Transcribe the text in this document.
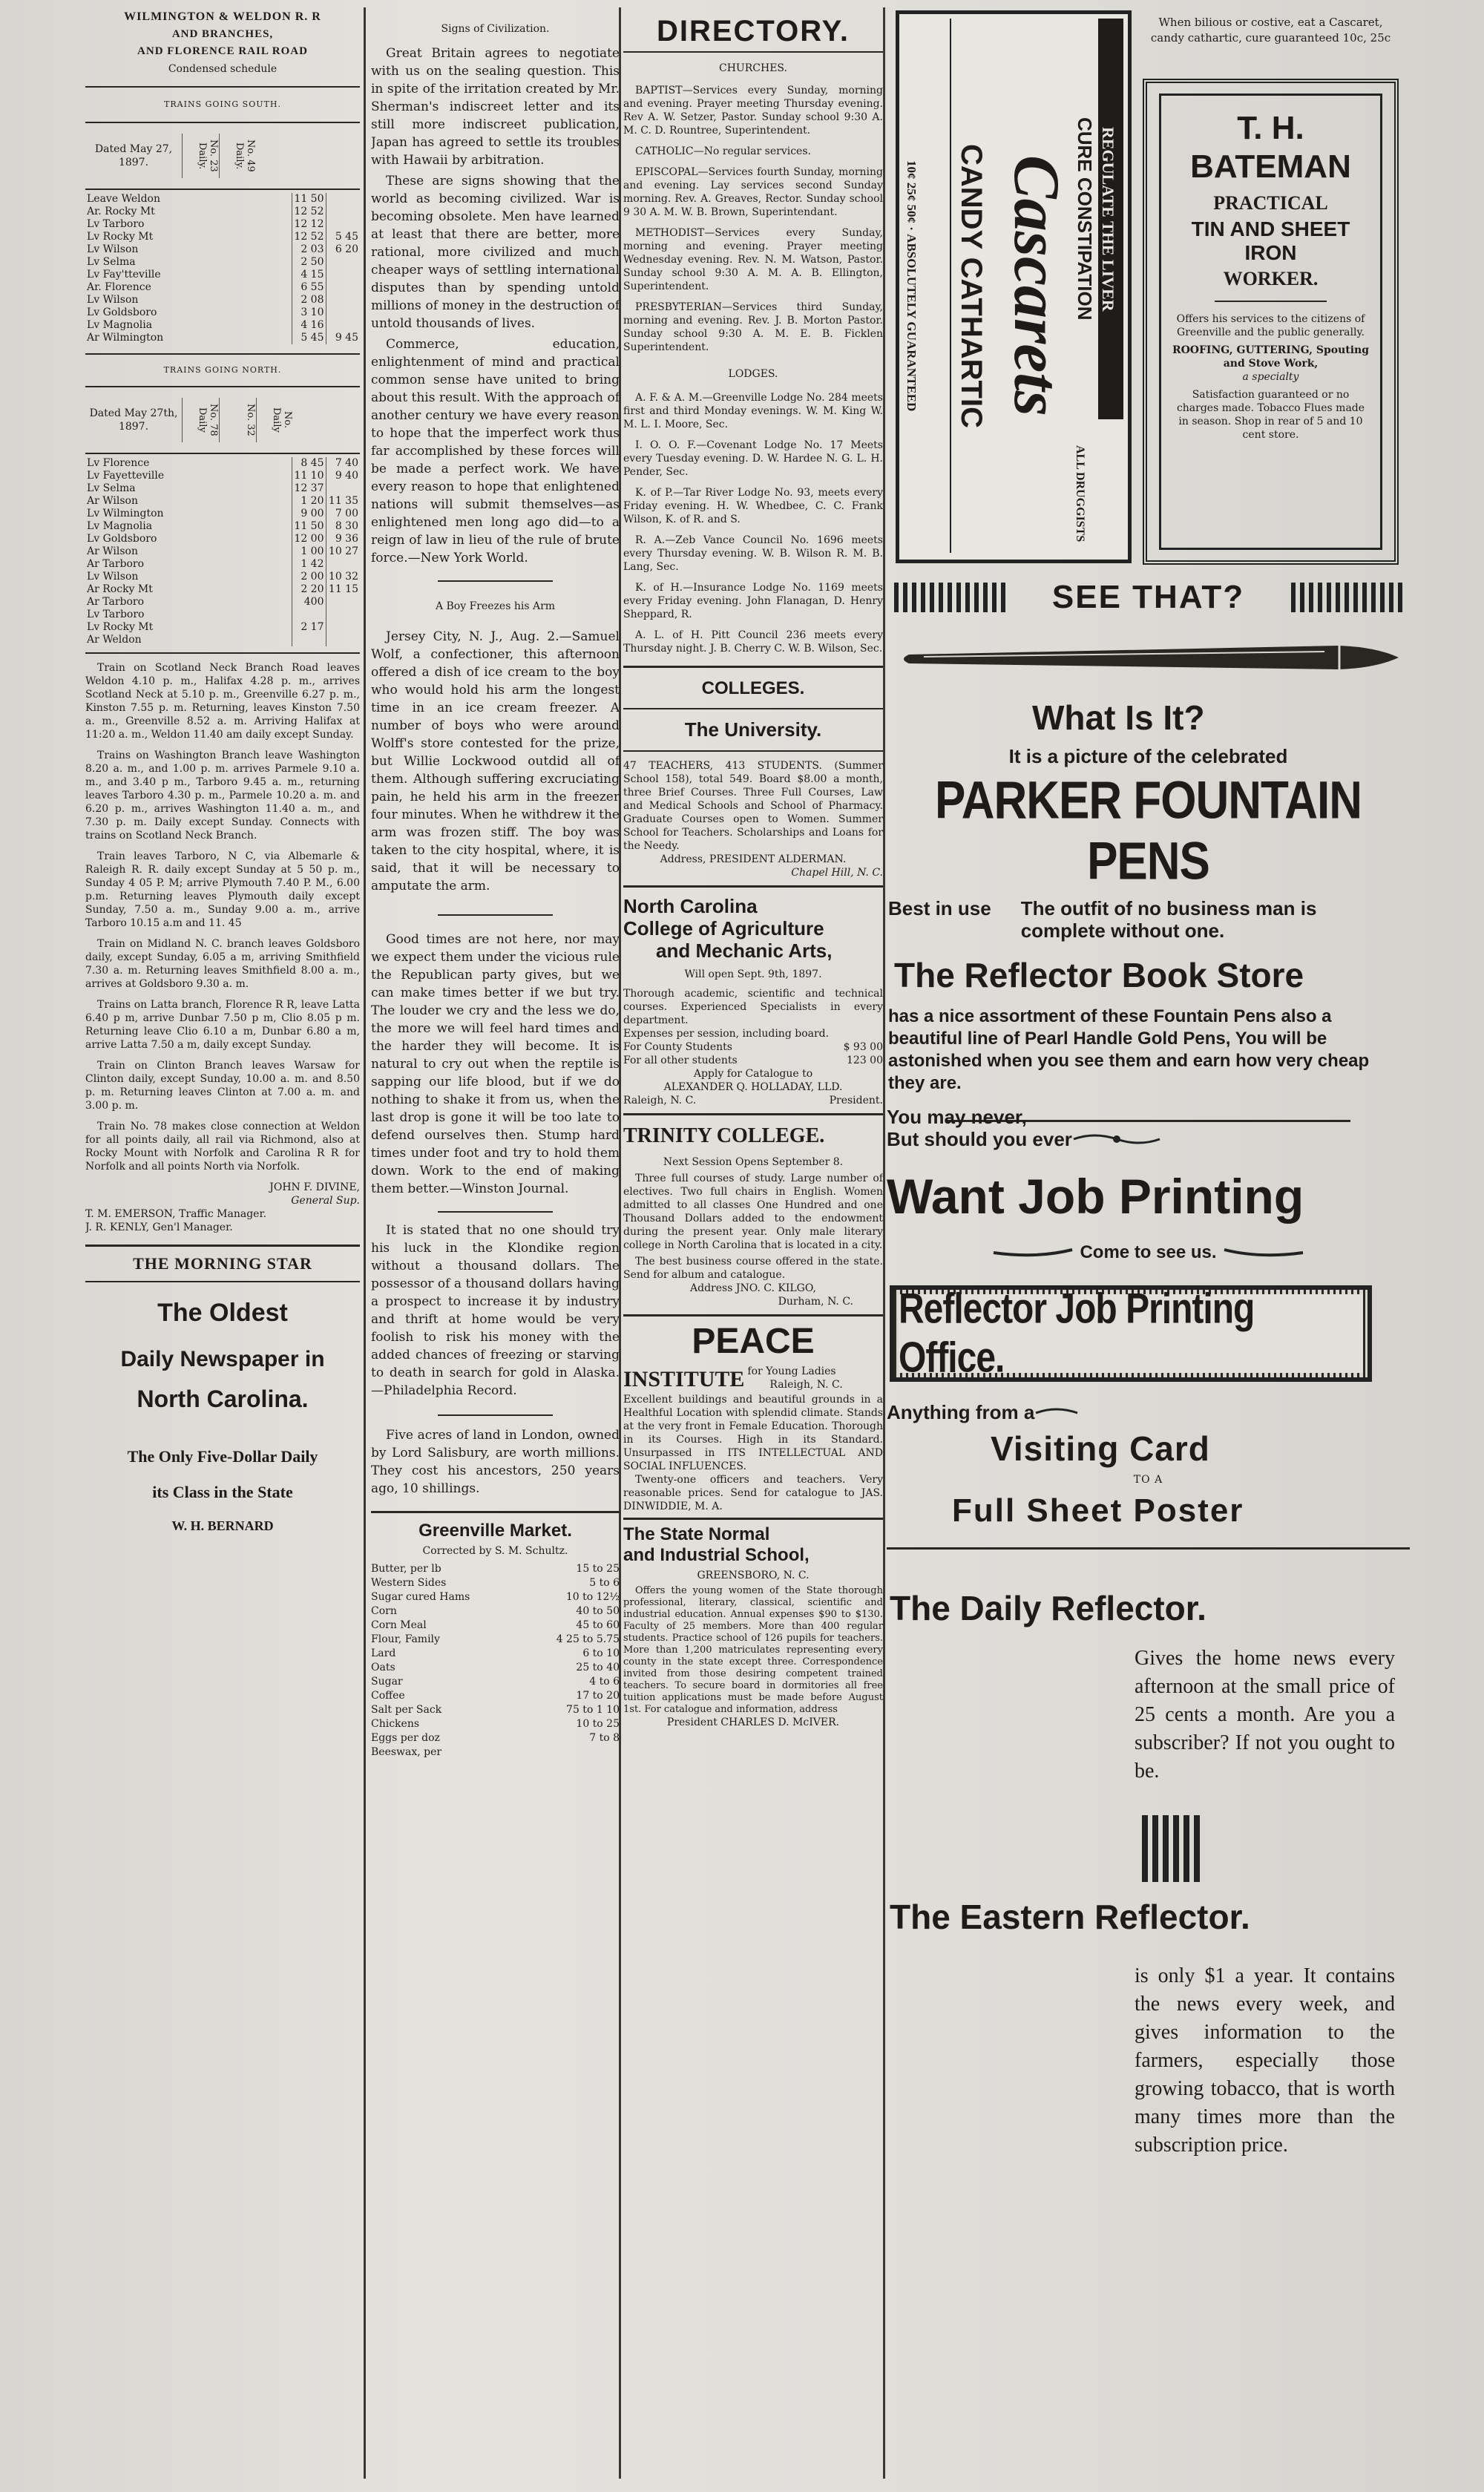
WILMINGTON & WELDON R. R
AND BRANCHES,
AND FLORENCE RAIL ROAD
Condensed schedule
TRAINS GOING SOUTH.
Dated May 27, 1897.	No. 23 Daily.	No. 49 Daily.
Leave Weldon	11 50	
Ar. Rocky Mt	12 52	
Lv Tarboro	12 12	
Lv Rocky Mt	12 52	5 45
Lv Wilson	2 03	6 20
Lv Selma	2 50	
Lv Fay'tteville	4 15	
Ar. Florence	6 55	
Lv Wilson	2 08	
Lv Goldsboro	3 10	
Lv Magnolia	4 16	
Ar Wilmington	5 45	9 45
TRAINS GOING NORTH.
Dated May 27th, 1897.	No. 78 Daily	No. 32	No. Daily
Lv Florence	8 45	7 40
Lv Fayetteville	11 10	9 40
Lv Selma	12 37	
Ar Wilson	1 20	11 35
Lv Wilmington	9 00	7 00
Lv Magnolia	11 50	8 30
Lv Goldsboro	12 00	9 36
Ar Wilson	1 00	10 27
Ar Tarboro	1 42	
Lv Wilson	2 00	10 32
Ar Rocky Mt	2 20	11 15
Ar Tarboro	400	
Lv Tarboro		
Lv Rocky Mt	2 17	
Ar Weldon		

Train on Scotland Neck Branch Road leaves Weldon 4.10 p. m., Halifax 4.28 p. m., arrives Scotland Neck at 5.10 p. m., Greenville 6.27 p. m., Kinston 7.55 p. m. Returning, leaves Kinston 7.50 a. m., Greenville 8.52 a. m. Arriving Halifax at 11:20 a. m., Weldon 11.40 am daily except Sunday.

Trains on Washington Branch leave Washington 8.20 a. m., and 1.00 p. m. arrives Parmele 9.10 a. m., and 3.40 p m., Tarboro 9.45 a. m., returning leaves Tarboro 4.30 p. m., Parmele 10.20 a. m. and 6.20 p. m., arrives Washington 11.40 a. m., and 7.30 p. m. Daily except Sunday. Connects with trains on Scotland Neck Branch.

Train leaves Tarboro, N C, via Albemarle & Raleigh R. R. daily except Sunday at 5 50 p. m., Sunday 4 05 P. M; arrive Plymouth 7.40 P. M., 6.00 p.m. Returning leaves Plymouth daily except Sunday, 7.50 a. m., Sunday 9.00 a. m., arrive Tarboro 10.15 a.m and 11. 45

Train on Midland N. C. branch leaves Goldsboro daily, except Sunday, 6.05 a m, arriving Smithfield 7.30 a. m. Returning leaves Smithfield 8.00 a. m., arrives at Goldsboro 9.30 a. m.

Trains on Latta branch, Florence R R, leave Latta 6.40 p m, arrive Dunbar 7.50 p m, Clio 8.05 p m. Returning leave Clio 6.10 a m, Dunbar 6.80 a m, arrive Latta 7.50 a m, daily except Sunday.

Train on Clinton Branch leaves Warsaw for Clinton daily, except Sunday, 10.00 a. m. and 8.50 p. m. Returning leaves Clinton at 7.00 a. m. and 3.00 p. m.

Train No. 78 makes close connection at Weldon for all points daily, all rail via Richmond, also at Rocky Mount with Norfolk and Carolina R R for Norfolk and all points North via Norfolk.

JOHN F. DIVINE,
General Sup.
T. M. EMERSON, Traffic Manager.
J. R. KENLY, Gen'l Manager.
THE MORNING STAR
The Oldest
Daily Newspaper in
North Carolina.
The Only Five-Dollar Daily
its Class in the State
W. H. BERNARD
Signs of Civilization.

Great Britain agrees to negotiate with us on the sealing question. This in spite of the irritation created by Mr. Sherman's indiscreet letter and its still more indiscreet publication, Japan has agreed to settle its troubles with Hawaii by arbitration.

These are signs showing that the world as becoming civilized. War is becoming obsolete. Men have learned at least that there are better, more rational, more civilized and much cheaper ways of settling international disputes than by spending untold millions of money in the destruction of untold thousands of lives.

Commerce, education, enlightenment of mind and practical common sense have united to bring about this result. With the approach of another century we have every reason to hope that the imperfect work thus far accomplished by these forces will be made a perfect work. We have every reason to hope that enlightened nations will submit themselves—as enlightened men long ago did—to a reign of law in lieu of the rule of brute force.—New York World.

A Boy Freezes his Arm

Jersey City, N. J., Aug. 2.—Samuel Wolf, a confectioner, this afternoon offered a dish of ice cream to the boy who would hold his arm the longest time in an ice cream freezer. A number of boys who were around Wolff's store contested for the prize, but Willie Lockwood outdid all of them. Although suffering excruciating pain, he held his arm in the freezer four minutes. When he withdrew it the arm was frozen stiff. The boy was taken to the city hospital, where, it is said, that it will be necessary to amputate the arm.

Good times are not here, nor may we expect them under the vicious rule the Republican party gives, but we can make times better if we but try. The louder we cry and the less we do, the more we will feel hard times and the harder they will become. It is natural to cry out when the reptile is sapping our life blood, but if we do nothing to shake it from us, when the last drop is gone it will be too late to defend ourselves then. Stump hard times under foot and try to hold them down. Work to the end of making them better.—Winston Journal.

It is stated that no one should try his luck in the Klondike region without a thousand dollars. The possessor of a thousand dollars having a prospect to increase it by industry and thrift at home would be very foolish to risk his money with the added chances of freezing or starving to death in search for gold in Alaska.—Philadelphia Record.

Five acres of land in London, owned by Lord Salisbury, are worth millions. They cost his ancestors, 250 years ago, 10 shillings.

Greenville Market.
Corrected by S. M. Schultz.
Butter, per lb	15 to 25
Western Sides	5 to 6
Sugar cured Hams	10 to 12½
Corn	40 to 50
Corn Meal	45 to 60
Flour, Family	4 25 to 5.75
Lard	6 to 10
Oats	25 to 40
Sugar	4 to 6
Coffee	17 to 20
Salt per Sack	75 to 1 10
Chickens	10 to 25
Eggs per doz	7 to 8
Beeswax, per	
DIRECTORY.
CHURCHES.

BAPTIST—Services every Sunday, morning and evening. Prayer meeting Thursday evening. Rev A. W. Setzer, Pastor. Sunday school 9:30 A. M. C. D. Rountree, Superintendent.

CATHOLIC—No regular services.

EPISCOPAL—Services fourth Sunday, morning and evening. Lay services second Sunday morning. Rev. A. Greaves, Rector. Sunday school 9 30 A. M. W. B. Brown, Superintendant.

METHODIST—Services every Sunday, morning and evening. Prayer meeting Wednesday evening. Rev. N. M. Watson, Pastor. Sunday school 9:30 A. M. A. B. Ellington, Superintendent.

PRESBYTERIAN—Services third Sunday, morning and evening. Rev. J. B. Morton Pastor. Sunday school 9:30 A. M. E. B. Ficklen Superintendent.

LODGES.

A. F. & A. M.—Greenville Lodge No. 284 meets first and third Monday evenings. W. M. King W. M. L. I. Moore, Sec.

I. O. O. F.—Covenant Lodge No. 17 Meets every Tuesday evening. D. W. Hardee N. G. L. H. Pender, Sec.

K. of P.—Tar River Lodge No. 93, meets every Friday evening. H. W. Whedbee, C. C. Frank Wilson, K. of R. and S.

R. A.—Zeb Vance Council No. 1696 meets every Thursday evening. W. B. Wilson R. M. B. Lang, Sec.

K. of H.—Insurance Lodge No. 1169 meets every Friday evening. John Flanagan, D. Henry Sheppard, R.

A. L. of H. Pitt Council 236 meets every Thursday night. J. B. Cherry C. W. B. Wilson, Sec.

COLLEGES.
The University.

47 TEACHERS, 413 STUDENTS. (Summer School 158), total 549. Board $8.00 a month, three Brief Courses. Three Full Courses, Law and Medical Schools and School of Pharmacy. Graduate Courses open to Women. Summer School for Teachers. Scholarships and Loans for the Needy.

Address, PRESIDENT ALDERMAN.
Chapel Hill, N. C.
North Carolina
College of Agriculture
and Mechanic Arts,
Will open Sept. 9th, 1897.

Thorough academic, scientific and technical courses. Experienced Specialists in every department.

Expenses per session, including board.
For County Students	$ 93 00
For all other students	123 00
Apply for Catalogue to
ALEXANDER Q. HOLLADAY, LLD.
Raleigh, N. C.	President.
TRINITY COLLEGE.
Next Session Opens September 8.

Three full courses of study. Large number of electives. Two full chairs in English. Women admitted to all classes One Hundred and one Thousand Dollars added to the endowment during the present year. Only male literary college in North Carolina that is located in a city.

The best business course offered in the state. Send for album and catalogue.

Address JNO. C. KILGO,
Durham, N. C.
PEACE
INSTITUTE for Young Ladies
Raleigh, N. C.

Excellent buildings and beautiful grounds in a Healthful Location with splendid climate. Stands at the very front in Female Education. Thorough in its Courses. High in its Standard. Unsurpassed in ITS INTELLECTUAL AND SOCIAL INFLUENCES.

Twenty-one officers and teachers. Very reasonable prices. Send for catalogue to JAS. DINWIDDIE, M. A.

The State Normal
and Industrial School,
GREENSBORO, N. C.

Offers the young women of the State thorough professional, literary, classical, scientific and industrial education. Annual expenses $90 to $130. Faculty of 25 members. More than 400 regular students. Practice school of 126 pupils for teachers. More than 1,200 matriculates representing every county in the state except three. Correspondence invited from those desiring competent trained teachers. To secure board in dormitories all free tuition applications must be made before August 1st. For catalogue and information, address

President CHARLES D. McIVER.
10¢ 25¢ 50¢ · ABSOLUTELY GUARANTEED CANDY CATHARTIC Cascarets CURE CONSTIPATION REGULATE THE LIVER
ALL DRUGGISTS

When bilious or costive, eat a Cascaret, candy cathartic, cure guaranteed 10c, 25c

T. H. BATEMAN
PRACTICAL
TIN AND SHEET IRON
WORKER.

Offers his services to the citizens of Greenville and the public generally.

ROOFING, GUTTERING, Spouting and Stove Work,

a specialty

Satisfaction guaranteed or no charges made. Tobacco Flues made in season. Shop in rear of 5 and 10 cent store.

SEE THAT?
What Is It?
It is a picture of the celebrated
PARKER FOUNTAIN PENS
Best in use The outfit of no business man is complete without one.
The Reflector Book Store
has a nice assortment of these Fountain Pens also a beautiful line of Pearl Handle Gold Pens, You will be astonished when you see them and earn how very cheap they are.
You may never,
But should you ever
Want Job Printing
Come to see us.
Reflector Job Printing Office.
Anything from a
Visiting Card
TO A
Full Sheet Poster
The Daily Reflector.

Gives the home news every afternoon at the small price of 25 cents a month. Are you a subscriber? If not you ought to be.

The Eastern Reflector.

is only $1 a year. It contains the news every week, and gives information to the farmers, especially those growing tobacco, that is worth many times more than the subscription price.
